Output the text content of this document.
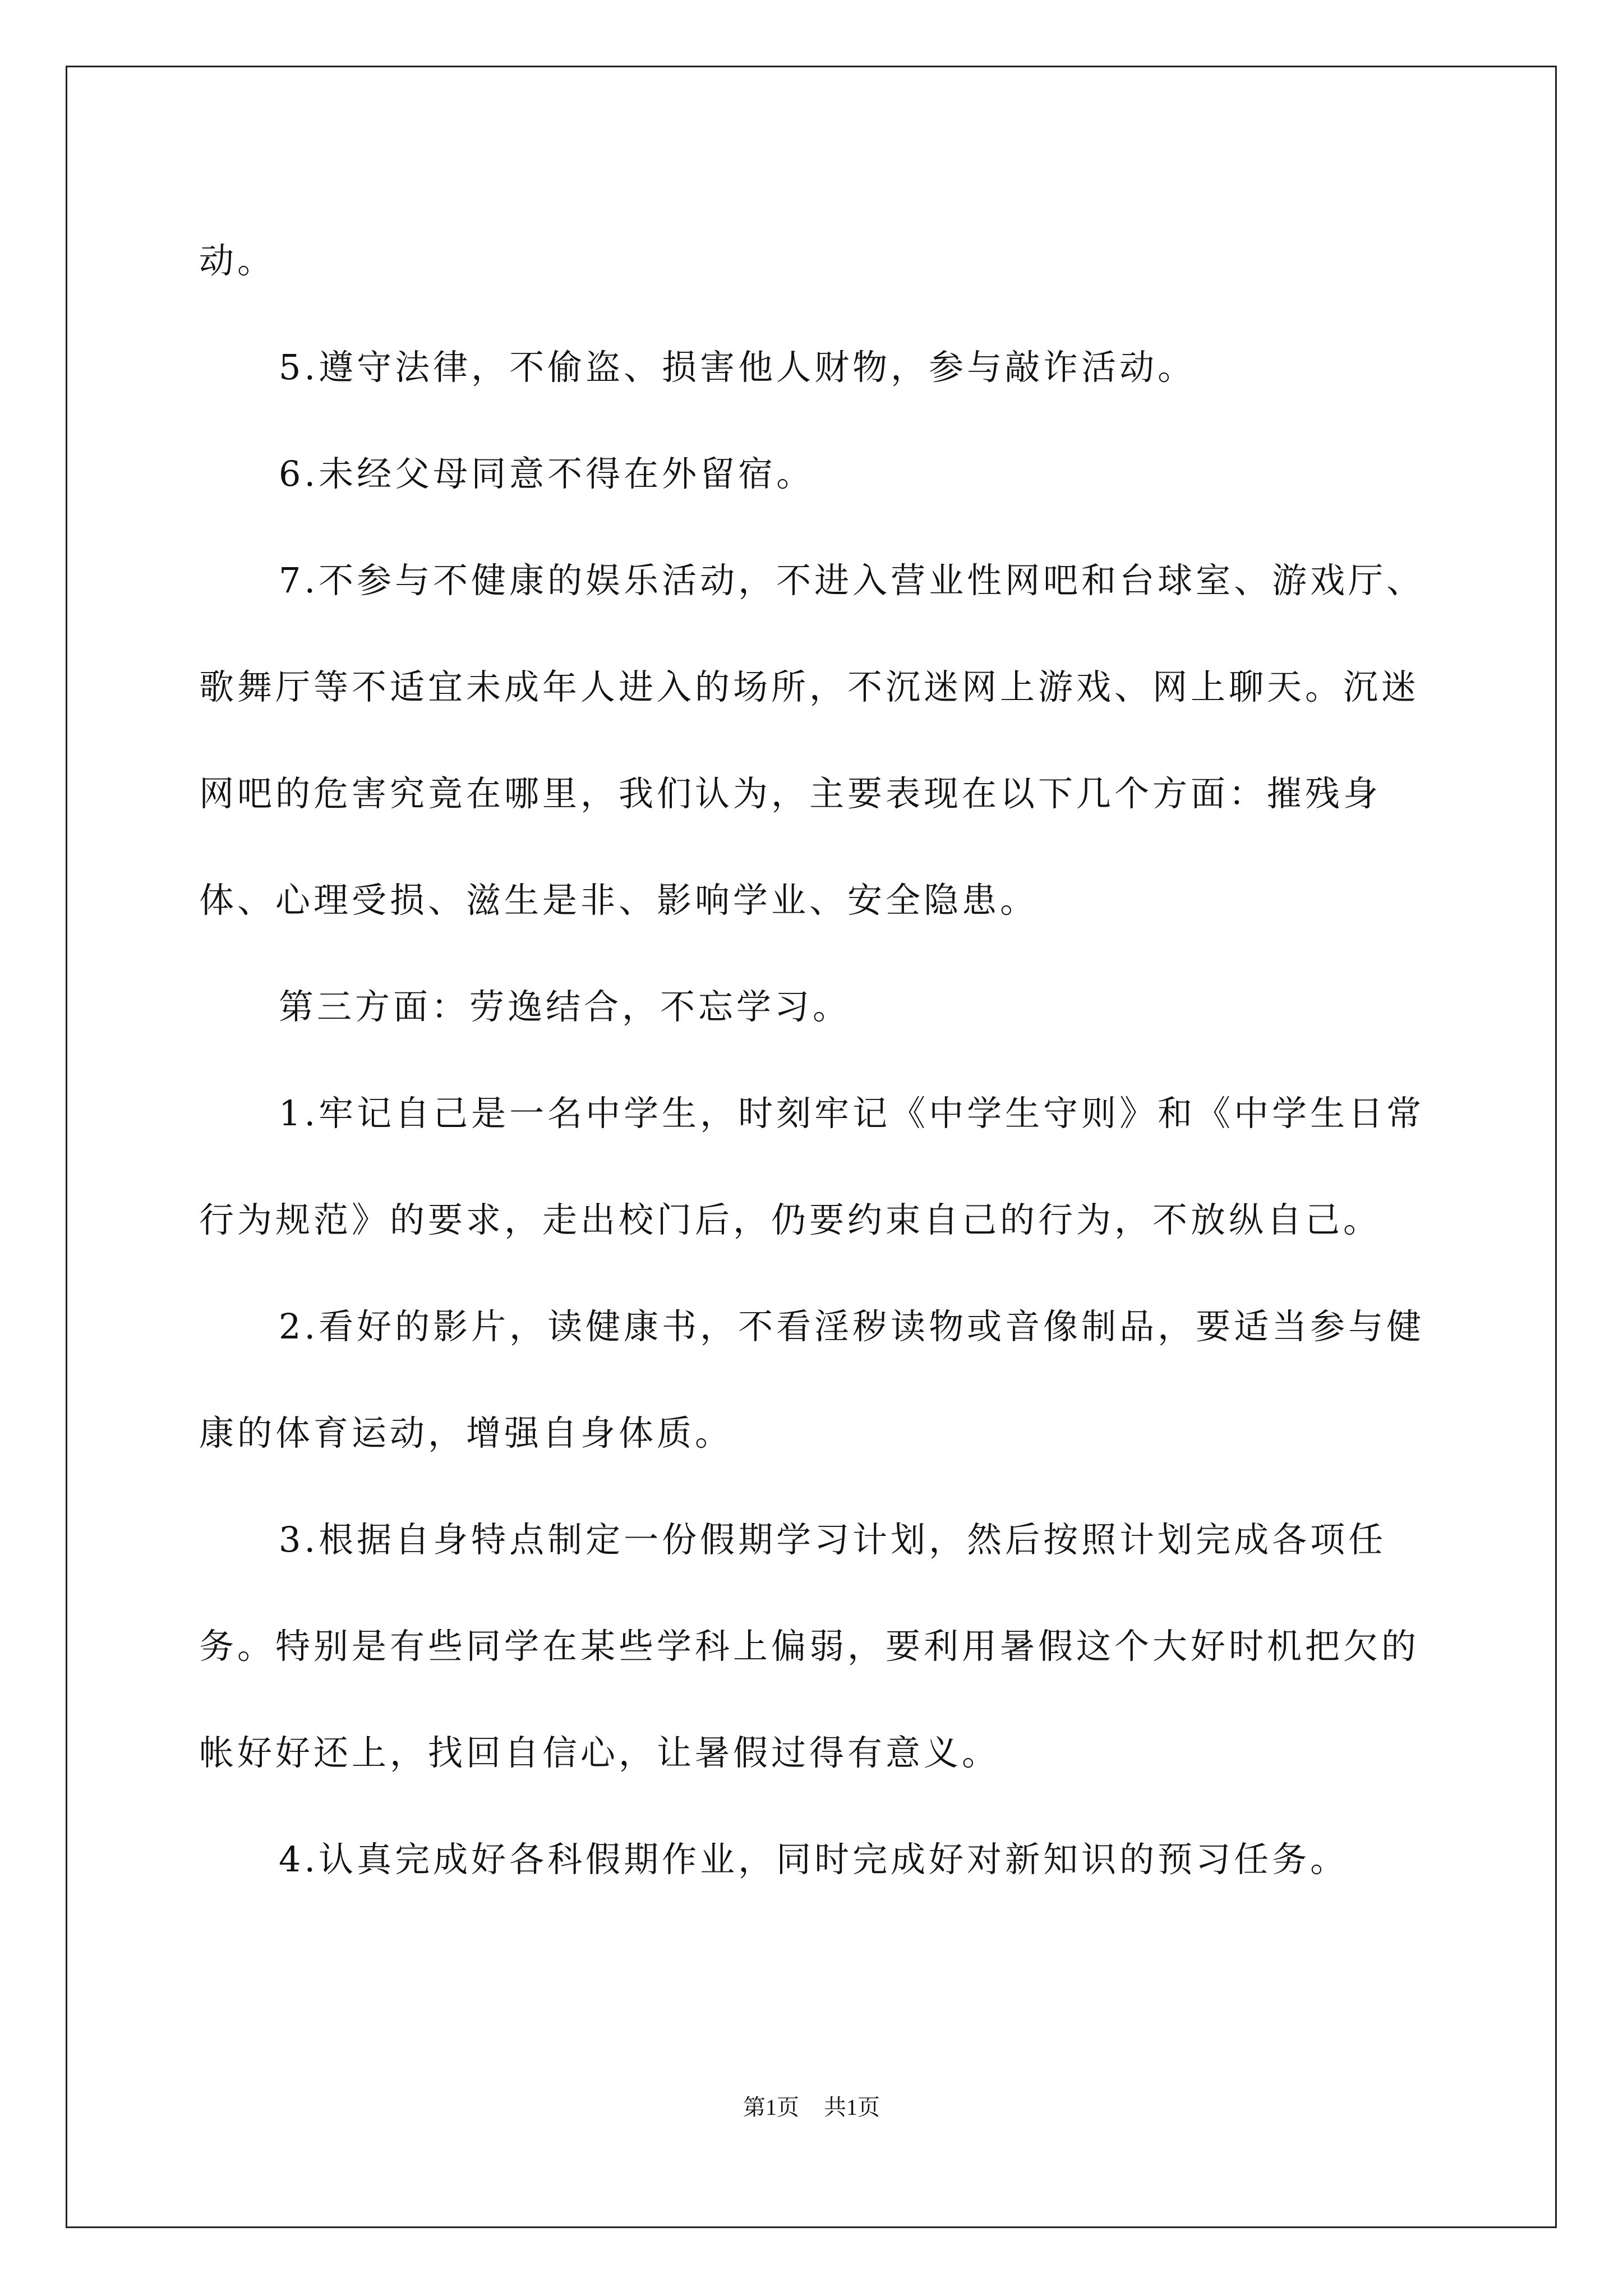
动。

5.遵守法律，不偷盗、损害他人财物，参与敲诈活动。

6.未经父母同意不得在外留宿。

7.不参与不健康的娱乐活动，不进入营业性网吧和台球室、游戏厅、歌舞厅等不适宜未成年人进入的场所，不沉迷网上游戏、网上聊天。沉迷网吧的危害究竟在哪里，我们认为，主要表现在以下几个方面：摧残身体、心理受损、滋生是非、影响学业、安全隐患。

第三方面：劳逸结合，不忘学习。

1.牢记自己是一名中学生，时刻牢记《中学生守则》和《中学生日常行为规范》的要求，走出校门后，仍要约束自己的行为，不放纵自己。

2.看好的影片，读健康书，不看淫秽读物或音像制品，要适当参与健康的体育运动，增强自身体质。

3.根据自身特点制定一份假期学习计划，然后按照计划完成各项任务。特别是有些同学在某些学科上偏弱，要利用暑假这个大好时机把欠的帐好好还上，找回自信心，让暑假过得有意义。

4.认真完成好各科假期作业，同时完成好对新知识的预习任务。

第1页 共1页
